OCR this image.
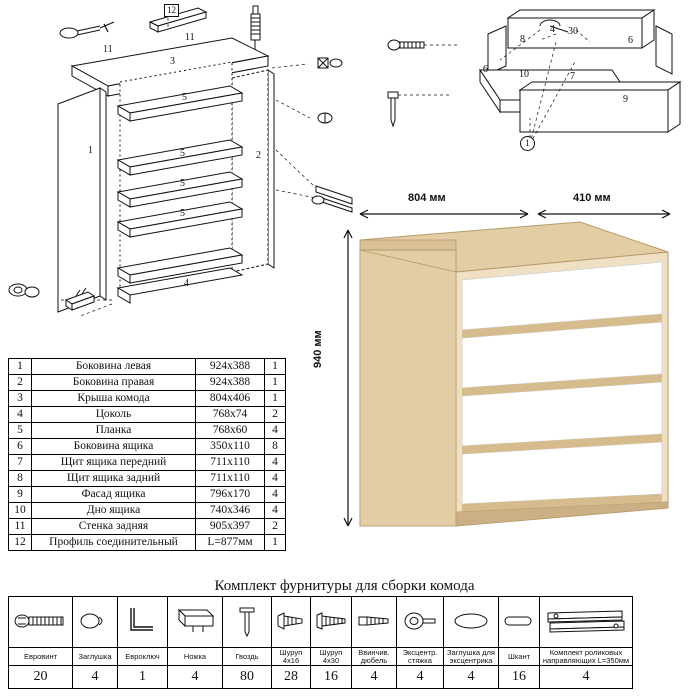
12
11
11
3
5
5
5
5
1	2
4
8
4 30
6
6	10	7
9
1
804 мм	410 мм
940 мм
1	Боковина левая	924х388	1
2	Боковина правая	924х388	1
3	Крыша комода	804х406	1
4	Цоколь	768х74	2
5	Планка	768х60	4
6	Боковина ящика	350х110	8
7	Щит ящика передний	711х110	4
8	Щит ящика задний	711х110	4
9	Фасад ящика	796х170	4
10	Дно ящика	740х346	4
11	Стенка задняя	905х397	2
12	Профиль соединительный	L=877мм	1
Комплект фурнитуры для сборки комода

Евровинт	Заглушка	Евроключ	Ножка	Гвоздь	Шуруп 4х16	Шуруп 4х30	Ввинчив. дюбель	Эксцентр. стяжка	Заглушка для эксцентрика	Шкант	Комплект роликовых направляющих L=350мм
20	4	1	4	80	28	16	4	4	4	16	4
